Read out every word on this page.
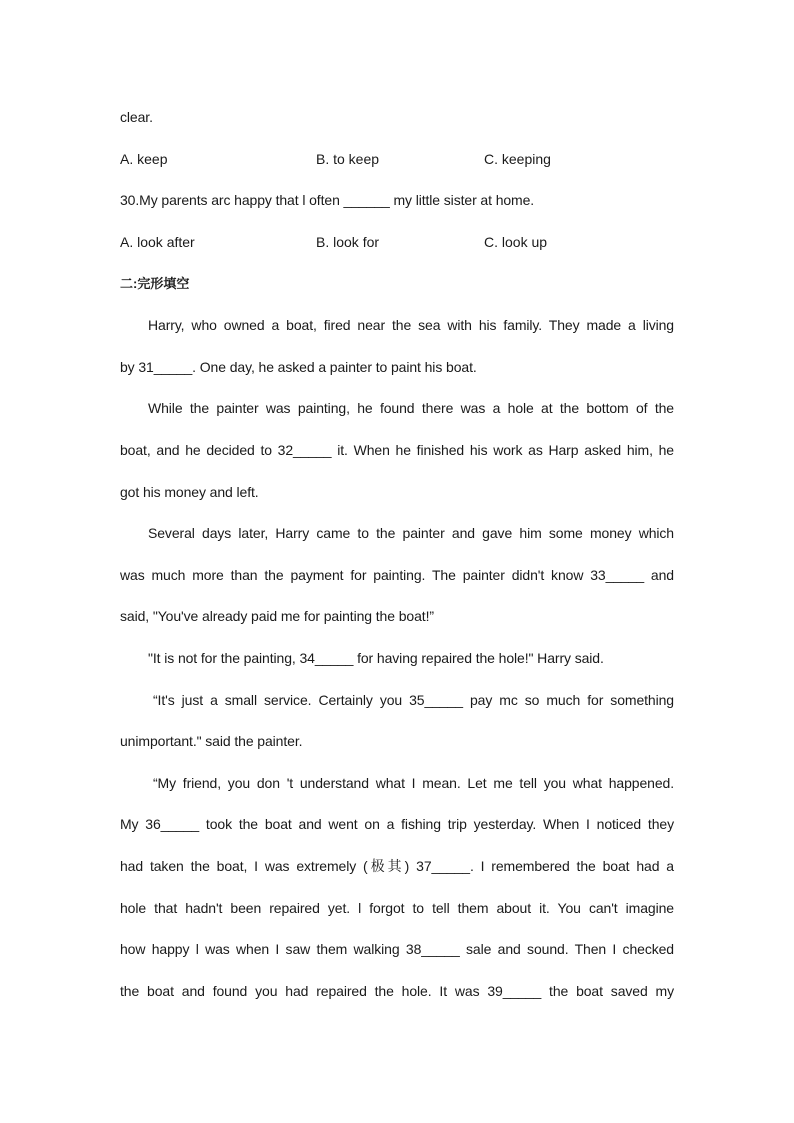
clear.
A. keep	B. to keep	C. keeping
30.My parents arc happy that l often ______ my little sister at home.
A. look after	B. look for	C. look up
二:完形填空
Harry, who owned a boat, fired near the sea with his family. They made a living
by 31_____. One day, he asked a painter to paint his boat.
While the painter was painting, he found there was a hole at the bottom of the
boat, and he decided to 32_____ it. When he finished his work as Harp asked him, he
got his money and left.
Several days later, Harry came to the painter and gave him some money which
was much more than the payment for painting. The painter didn't know 33_____ and
said, "You've already paid me for painting the boat!”
"It is not for the painting, 34_____ for having repaired the hole!" Harry said.
“It's just a small service. Certainly you 35_____ pay mc so much for something
unimportant." said the painter.
“My friend, you don 't understand what I mean. Let me tell you what happened.
My 36_____ took the boat and went on a fishing trip yesterday. When I noticed they
had taken the boat, I was extremely (极其) 37_____. I remembered the boat had a
hole that hadn't been repaired yet. l forgot to tell them about it. You can't imagine
how happy l was when I saw them walking 38_____ sale and sound. Then I checked
the boat and found you had repaired the hole. It was 39_____ the boat saved my
